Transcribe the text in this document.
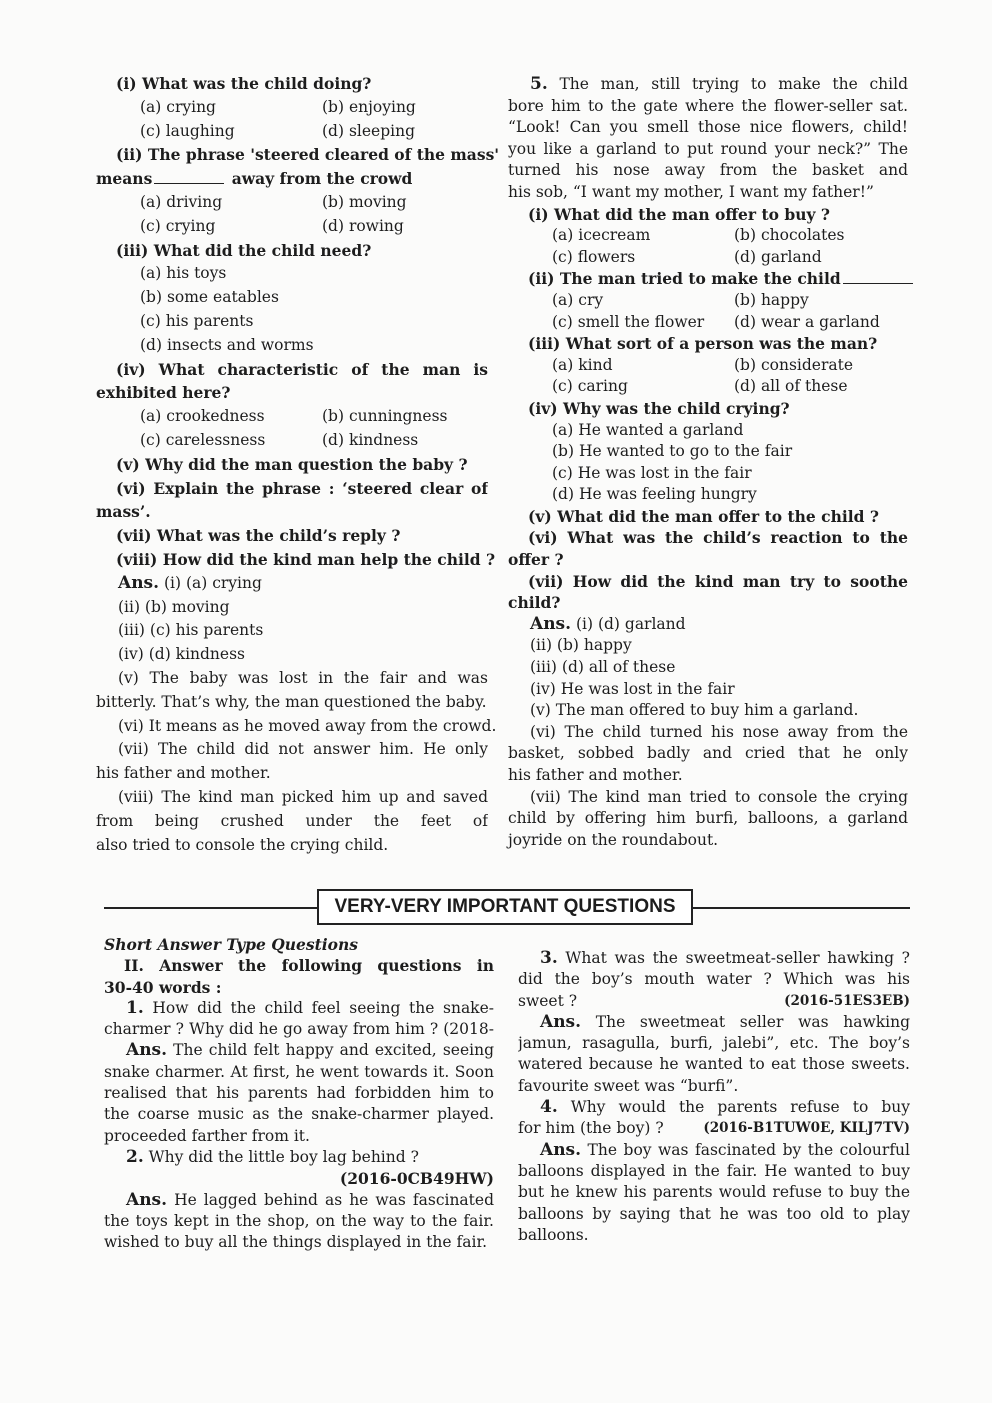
(i) What was the child doing?
(a) crying	(b) enjoying
(c) laughing	(d) sleeping
(ii) The phrase 'steered cleared of the mass'
means	away from the crowd
(a) driving	(b) moving
(c) crying	(d) rowing
(iii) What did the child need?
(a) his toys
(b) some eatables
(c) his parents
(d) insects and worms
(iv) What characteristic of the man is
exhibited here?
(a) crookedness	(b) cunningness
(c) carelessness	(d) kindness
(v) Why did the man question the baby ?
(vi) Explain the phrase : ‘steered clear of
mass’.
(vii) What was the child’s reply ?
(viii) How did the kind man help the child ?
Ans. (i) (a) crying
(ii) (b) moving
(iii) (c) his parents
(iv) (d) kindness
(v) The baby was lost in the fair and was
bitterly. That’s why, the man questioned the baby.
(vi) It means as he moved away from the crowd.
(vii) The child did not answer him. He only
his father and mother.
(viii) The kind man picked him up and saved
from being crushed under the feet of
also tried to console the crying child.
5. The man, still trying to make the child
bore him to the gate where the flower-seller sat.
“Look! Can you smell those nice flowers, child!
you like a garland to put round your neck?” The
turned his nose away from the basket and
his sob, “I want my mother, I want my father!”
(i) What did the man offer to buy ?
(a) icecream	(b) chocolates
(c) flowers	(d) garland
(ii) The man tried to make the child
(a) cry	(b) happy
(c) smell the flower	(d) wear a garland
(iii) What sort of a person was the man?
(a) kind	(b) considerate
(c) caring	(d) all of these
(iv) Why was the child crying?
(a) He wanted a garland
(b) He wanted to go to the fair
(c) He was lost in the fair
(d) He was feeling hungry
(v) What did the man offer to the child ?
(vi) What was the child’s reaction to the
offer ?
(vii) How did the kind man try to soothe
child?
Ans. (i) (d) garland
(ii) (b) happy
(iii) (d) all of these
(iv) He was lost in the fair
(v) The man offered to buy him a garland.
(vi) The child turned his nose away from the
basket, sobbed badly and cried that he only
his father and mother.
(vii) The kind man tried to console the crying
child by offering him burfi, balloons, a garland
joyride on the roundabout.
VERY-VERY IMPORTANT QUESTIONS
Short Answer Type Questions
II. Answer the following questions in
30-40 words :
1. How did the child feel seeing the snake-
charmer ? Why did he go away from him ? (2018-
Ans. The child felt happy and excited, seeing
snake charmer. At first, he went towards it. Soon
realised that his parents had forbidden him to
the coarse music as the snake-charmer played.
proceeded farther from it.
2. Why did the little boy lag behind ?
(2016-0CB49HW)
Ans. He lagged behind as he was fascinated
the toys kept in the shop, on the way to the fair.
wished to buy all the things displayed in the fair.
3. What was the sweetmeat-seller hawking ?
did the boy’s mouth water ? Which was his
sweet ?	(2016-51ES3EB)
Ans. The sweetmeat seller was hawking
jamun, rasagulla, burfi, jalebi”, etc. The boy’s
watered because he wanted to eat those sweets.
favourite sweet was “burfi”.
4. Why would the parents refuse to buy
for him (the boy) ?	(2016-B1TUW0E, KILJ7TV)
Ans. The boy was fascinated by the colourful
balloons displayed in the fair. He wanted to buy
but he knew his parents would refuse to buy the
balloons by saying that he was too old to play
balloons.
